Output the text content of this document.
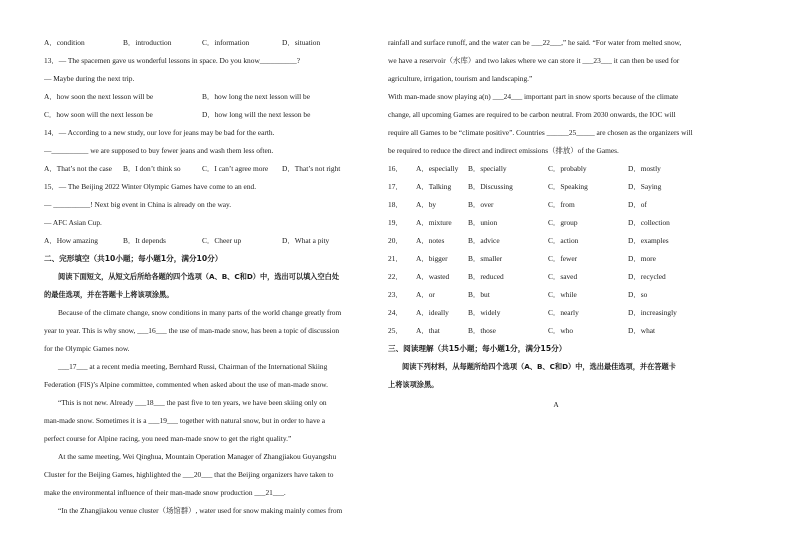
A．condition	B．introduction	C．information	D．situation
13．— The spacemen gave us wonderful lessons in space. Do you know__________?
— Maybe during the next trip.
A．how soon the next lesson will be	B．how long the next lesson will be
C．how soon will the next lesson be	D．how long will the next lesson be
14．— According to a new study, our love for jeans may be bad for the earth.
—__________ we are supposed to buy fewer jeans and wash them less often.
A．That’s not the case B．I don’t think so	C．I can’t agree more D．That’s not right
15．— The Beijing 2022 Winter Olympic Games have come to an end.
— __________! Next big event in China is already on the way.
— AFC Asian Cup.
A．How amazing	B．It depends	C．Cheer up	D．What a pity
二、完形填空（共10小题；每小题1分，满分10分）
阅读下面短文，从短文后所给各题的四个选项（A、B、C和D）中，选出可以填入空白处
的最佳选项，并在答题卡上将该项涂黑。
Because of the climate change, snow conditions in many parts of the world change greatly from
year to year. This is why snow, ___16___ the use of man-made snow, has been a topic of discussion
for the Olympic Games now.
___17___ at a recent media meeting, Bernhard Russi, Chairman of the International Skiing
Federation (FIS)’s Alpine committee, commented when asked about the use of man-made snow.
“This is not new. Already ___18___ the past five to ten years, we have been skiing only on
man-made snow. Sometimes it is a ___19___ together with natural snow, but in order to have a
perfect course for Alpine racing, you need man-made snow to get the right quality.”
At the same meeting, Wei Qinghua, Mountain Operation Manager of Zhangjiakou Guyangshu
Cluster for the Beijing Games, highlighted the ___20___ that the Beijing organizers have taken to
make the environmental influence of their man-made snow production ___21___.
“In the Zhangjiakou venue cluster（场馆群）, water used for snow making mainly comes from
rainfall and surface runoff, and the water can be ___22___,” he said. “For water from melted snow,
we have a reservoir（水库）and two lakes where we can store it ___23___ it can then be used for
agriculture, irrigation, tourism and landscaping.”
With man-made snow playing a(n) ___24___ important part in snow sports because of the climate
change, all upcoming Games are required to be carbon neutral. From 2030 onwards, the IOC will
require all Games to be “climate positive”. Countries ______25_____ are chosen as the organizers will
be required to reduce the direct and indirect emissions（排放）of the Games.
16． A．especially B．specially	C．probably	D．mostly
17． A．Talking B．Discussing	C．Speaking	D．Saying
18． A．by	B．over	C．from	D．of
19． A．mixture B．union	C．group	D．collection
20． A．notes	B．advice	C．action	D．examples
21． A．bigger	B．smaller	C．fewer	D．more
22． A．wasted	B．reduced	C．saved	D．recycled
23． A．or	B．but	C．while	D．so
24． A．ideally	B．widely	C．nearly	D．increasingly
25． A．that	B．those	C．who	D．what
三、阅读理解（共15小题；每小题1分，满分15分）
阅读下列材料，从每题所给四个选项（A、B、C和D）中，选出最佳选项，并在答题卡
上将该项涂黑。
A
